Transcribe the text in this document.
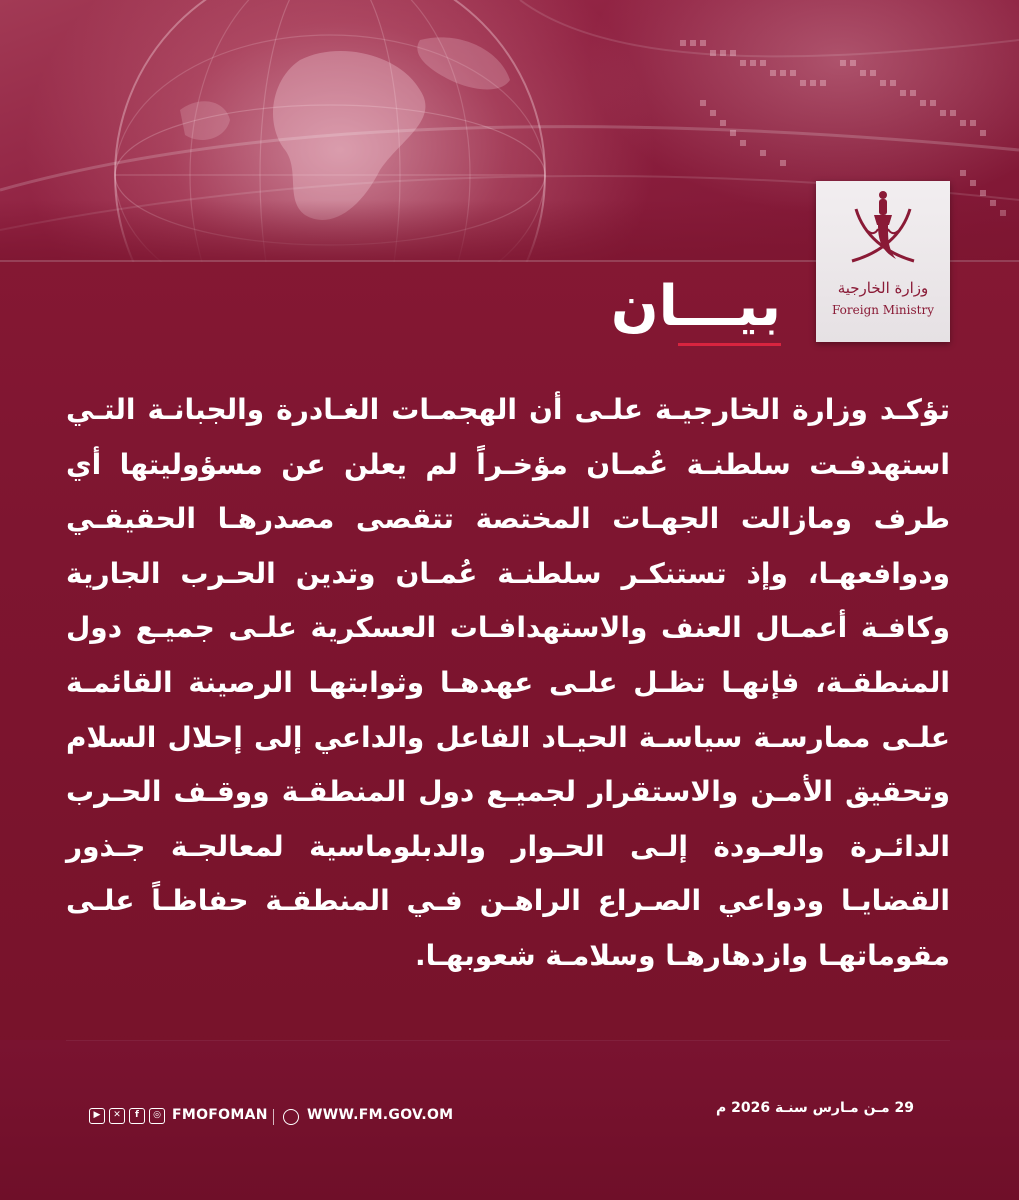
وزارة الخارجية
Foreign Ministry
بيـــان
تؤكـد وزارة الخارجيـة علـى أن الهجمـات الغـادرة والجبانـة التـي استهدفـت سلطنـة عُمـان مؤخـراً لم يعلن عن مسؤوليتها أي طرف ومازالت الجهـات المختصة تتقصى مصدرهـا الحقيقـي ودوافعهـا، وإذ تستنكـر سلطنـة عُمـان وتدين الحـرب الجارية وكافـة أعمـال العنف والاستهدافـات العسكرية علـى جميـع دول المنطقـة، فإنهـا تظـل علـى عهدهـا وثوابتهـا الرصينة القائمـة علـى ممارسـة سياسـة الحيـاد الفاعل والداعي إلى إحلال السلام وتحقيق الأمـن والاستقرار لجميـع دول المنطقـة ووقـف الحـرب الدائـرة والعـودة إلـى الحـوار والدبلوماسية لمعالجـة جـذور القضايـا ودواعي الصـراع الراهـن فـي المنطقـة حفاظـاً علـى مقوماتهـا وازدهارهـا وسلامـة شعوبهـا.
29 مـن مـارس سنـة 2026 م
▶	✕	f	◎ FMOFOMAN	WWW.FM.GOV.OM
